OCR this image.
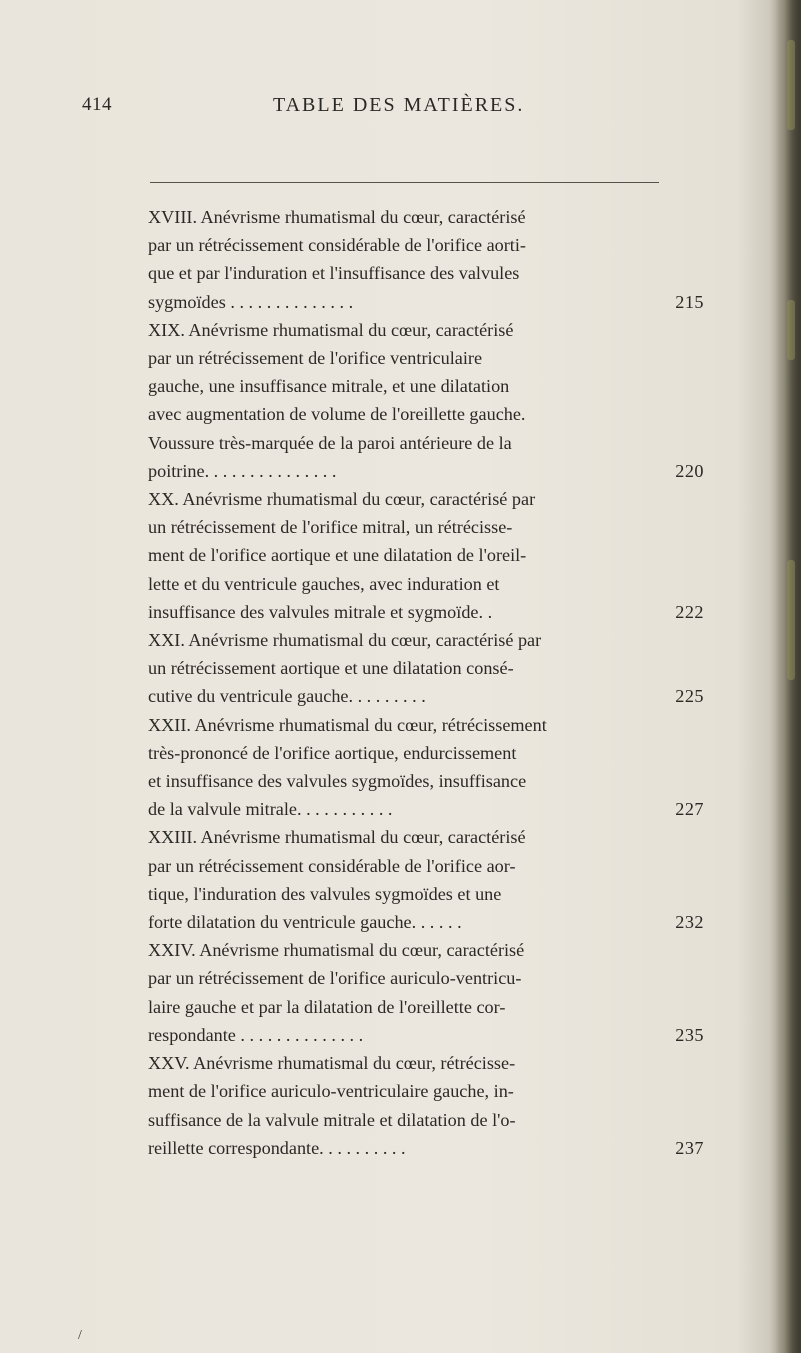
414	TABLE DES MATIÈRES.
XVIII. Anévrisme rhumatismal du cœur, caractérisé
par un rétrécissement considérable de l'orifice aorti-
que et par l'induration et l'insuffisance des valvules
sygmoïdes . . . . . . . . . . . . . .	215
XIX. Anévrisme rhumatismal du cœur, caractérisé
par un rétrécissement de l'orifice ventriculaire
gauche, une insuffisance mitrale, et une dilatation
avec augmentation de volume de l'oreillette gauche.
Voussure très-marquée de la paroi antérieure de la
poitrine. . . . . . . . . . . . . . .	220
XX. Anévrisme rhumatismal du cœur, caractérisé par
un rétrécissement de l'orifice mitral, un rétrécisse-
ment de l'orifice aortique et une dilatation de l'oreil-
lette et du ventricule gauches, avec induration et
insuffisance des valvules mitrale et sygmoïde. .	222
XXI. Anévrisme rhumatismal du cœur, caractérisé par
un rétrécissement aortique et une dilatation consé-
cutive du ventricule gauche. . . . . . . . .	225
XXII. Anévrisme rhumatismal du cœur, rétrécissement
très-prononcé de l'orifice aortique, endurcissement
et insuffisance des valvules sygmoïdes, insuffisance
de la valvule mitrale. . . . . . . . . . .	227
XXIII. Anévrisme rhumatismal du cœur, caractérisé
par un rétrécissement considérable de l'orifice aor-
tique, l'induration des valvules sygmoïdes et une
forte dilatation du ventricule gauche. . . . . .	232
XXIV. Anévrisme rhumatismal du cœur, caractérisé
par un rétrécissement de l'orifice auriculo-ventricu-
laire gauche et par la dilatation de l'oreillette cor-
respondante . . . . . . . . . . . . . .	235
XXV. Anévrisme rhumatismal du cœur, rétrécisse-
ment de l'orifice auriculo-ventriculaire gauche, in-
suffisance de la valvule mitrale et dilatation de l'o-
reillette correspondante. . . . . . . . . .	237
/
